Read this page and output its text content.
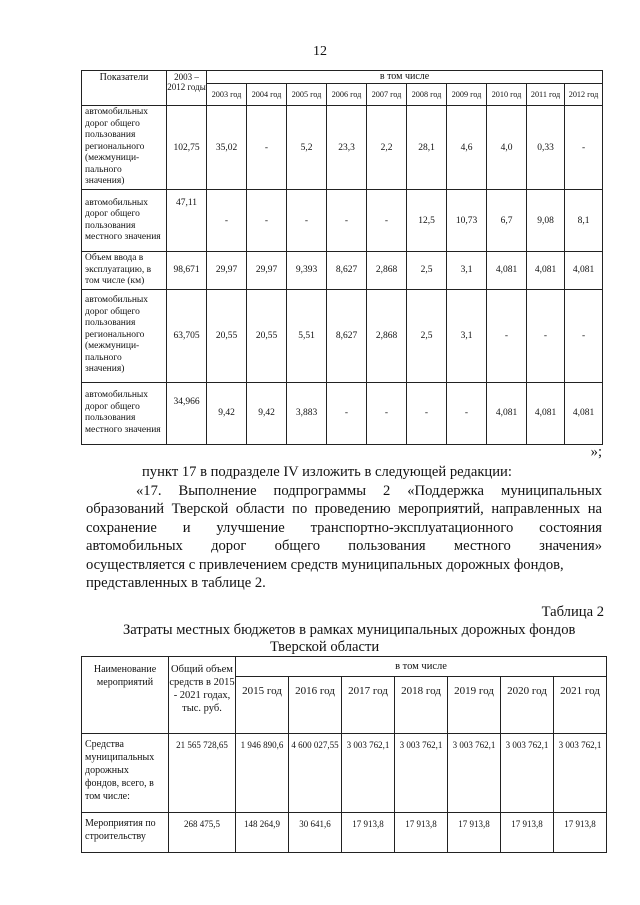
12
Показатели	2003 – 2012 годы	в том числе									
		2003 год	2004 год	2005 год	2006 год	2007 год	2008 год	2009 год	2010 год	2011 год	2012 год
автомобильных дорог общего пользования регионального (межмуници-пального значения)	102,75	35,02	-	5,2	23,3	2,2	28,1	4,6	4,0	0,33	-
автомобильных дорог общего пользования местного значения	47,11	-	-	-	-	-	12,5	10,73	6,7	9,08	8,1
Объем ввода в эксплуатацию, в том числе (км)	98,671	29,97	29,97	9,393	8,627	2,868	2,5	3,1	4,081	4,081	4,081
автомобильных дорог общего пользования регионального (межмуници-пального значения)	63,705	20,55	20,55	5,51	8,627	2,868	2,5	3,1	-	-	-
автомобильных дорог общего пользования местного значения	34,966	9,42	9,42	3,883	-	-	-	-	4,081	4,081	4,081
»;
пункт 17 в подразделе IV изложить в следующей редакции:
«17. Выполнение подпрограммы 2 «Поддержка муниципальных
образований Тверской области по проведению мероприятий, направленных на
сохранение и улучшение транспортно-эксплуатационного состояния
автомобильных дорог общего пользования местного значения»
осуществляется с привлечением средств муниципальных дорожных фондов,
представленных в таблице 2.
Таблица 2
Затраты местных бюджетов в рамках муниципальных дорожных фондов
Тверской области
Наименование мероприятий	Общий объем средств в 2015 - 2021 годах, тыс. руб.	в том числе						
		2015 год	2016 год	2017 год	2018 год	2019 год	2020 год	2021 год
Средства муниципальных дорожных фондов, всего, в том числе:	21 565 728,65	1 946 890,6	4 600 027,55	3 003 762,1	3 003 762,1	3 003 762,1	3 003 762,1	3 003 762,1
Мероприятия по строительству	268 475,5	148 264,9	30 641,6	17 913,8	17 913,8	17 913,8	17 913,8	17 913,8
